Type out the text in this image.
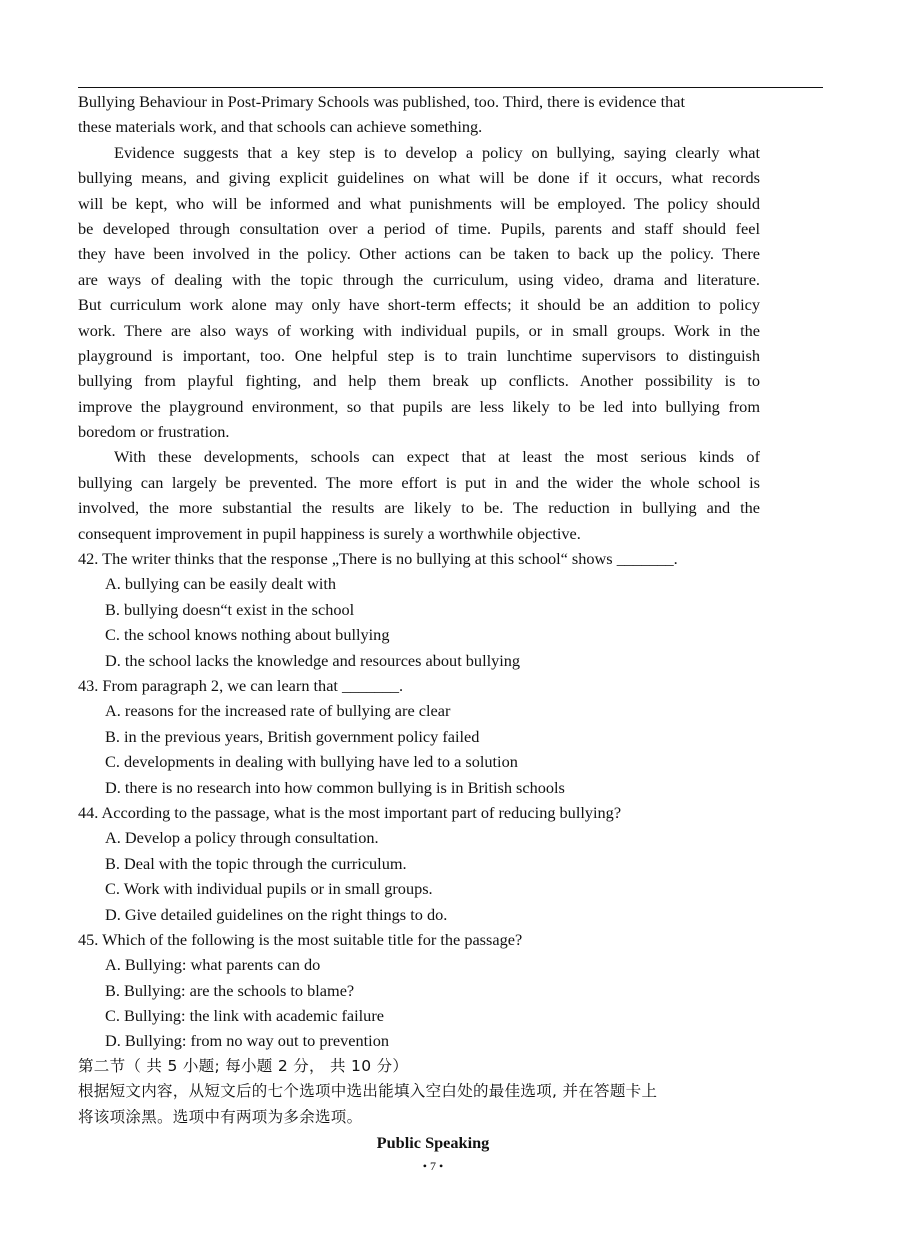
Bullying Behaviour in Post-Primary Schools was published, too. Third, there is evidence that
these materials work, and that schools can achieve something.
Evidence suggests that a key step is to develop a policy on bullying, saying clearly what
bullying means, and giving explicit guidelines on what will be done if it occurs, what records
will be kept, who will be informed and what punishments will be employed. The policy should
be developed through consultation over a period of time. Pupils, parents and staff should feel
they have been involved in the policy. Other actions can be taken to back up the policy. There
are ways of dealing with the topic through the curriculum, using video, drama and literature.
But curriculum work alone may only have short-term effects; it should be an addition to policy
work. There are also ways of working with individual pupils, or in small groups. Work in the
playground is important, too. One helpful step is to train lunchtime supervisors to distinguish
bullying from playful fighting, and help them break up conflicts. Another possibility is to
improve the playground environment, so that pupils are less likely to be led into bullying from
boredom or frustration.
With these developments, schools can expect that at least the most serious kinds of
bullying can largely be prevented. The more effort is put in and the wider the whole school is
involved, the more substantial the results are likely to be. The reduction in bullying and the
consequent improvement in pupil happiness is surely a worthwhile objective.
42. The writer thinks that the response „There is no bullying at this school“ shows _______.
A. bullying can be easily dealt with
B. bullying doesn“t exist in the school
C. the school knows nothing about bullying
D. the school lacks the knowledge and resources about bullying
43. From paragraph 2, we can learn that _______.
A. reasons for the increased rate of bullying are clear
B. in the previous years, British government policy failed
C. developments in dealing with bullying have led to a solution
D. there is no research into how common bullying is in British schools
44. According to the passage, what is the most important part of reducing bullying?
A. Develop a policy through consultation.
B. Deal with the topic through the curriculum.
C. Work with individual pupils or in small groups.
D. Give detailed guidelines on the right things to do.
45. Which of the following is the most suitable title for the passage?
A. Bullying: what parents can do
B. Bullying: are the schools to blame?
C. Bullying: the link with academic failure
D. Bullying: from no way out to prevention
第二节（ 共 5 小题; 每小题 2 分， 共 10 分）
根据短文内容，从短文后的七个选项中选出能填入空白处的最佳选项, 并在答题卡上
将该项涂黑。选项中有两项为多余选项。
Public Speaking
• 7 •
